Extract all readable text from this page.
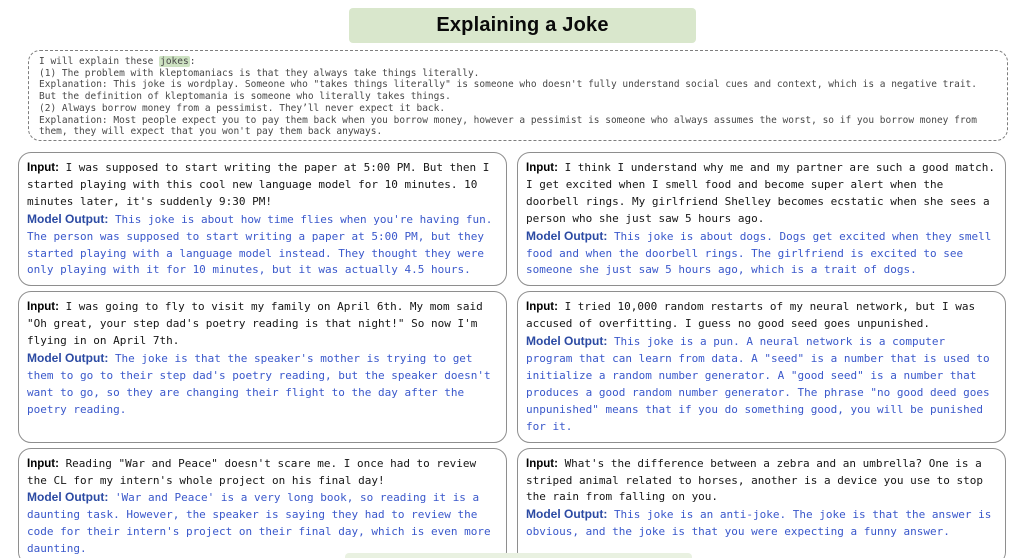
Explaining a Joke
I will explain these jokes:
(1) The problem with kleptomaniacs is that they always take things literally.
Explanation: This joke is wordplay. Someone who "takes things literally" is someone who doesn't fully understand social cues and context, which is a negative trait.
But the definition of kleptomania is someone who literally takes things.
(2) Always borrow money from a pessimist. They’ll never expect it back.
Explanation: Most people expect you to pay them back when you borrow money, however a pessimist is someone who always assumes the worst, so if you borrow money from them, they will expect that you won't pay them back anyways.

Input: I was supposed to start writing the paper at 5:00 PM. But then I started playing with this cool new language model for 10 minutes. 10 minutes later, it's suddenly 9:30 PM!

Model Output: This joke is about how time flies when you're having fun. The person was supposed to start writing a paper at 5:00 PM, but they started playing with a language model instead. They thought they were only playing with it for 10 minutes, but it was actually 4.5 hours.

Input: I think I understand why me and my partner are such a good match. I get excited when I smell food and become super alert when the doorbell rings. My girlfriend Shelley becomes ecstatic when she sees a person who she just saw 5 hours ago.

Model Output: This joke is about dogs. Dogs get excited when they smell food and when the doorbell rings. The girlfriend is excited to see someone she just saw 5 hours ago, which is a trait of dogs.

Input: I was going to fly to visit my family on April 6th. My mom said "Oh great, your step dad's poetry reading is that night!" So now I'm flying in on April 7th.

Model Output: The joke is that the speaker's mother is trying to get them to go to their step dad's poetry reading, but the speaker doesn't want to go, so they are changing their flight to the day after the poetry reading.

Input: I tried 10,000 random restarts of my neural network, but I was accused of overfitting. I guess no good seed goes unpunished.

Model Output: This joke is a pun. A neural network is a computer program that can learn from data. A "seed" is a number that is used to initialize a random number generator. A "good seed" is a number that produces a good random number generator. The phrase "no good deed goes unpunished" means that if you do something good, you will be punished for it.

Input: Reading "War and Peace" doesn't scare me. I once had to review the CL for my intern's whole project on his final day!

Model Output: 'War and Peace' is a very long book, so reading it is a daunting task. However, the speaker is saying they had to review the code for their intern's project on their final day, which is even more daunting.

Input: What's the difference between a zebra and an umbrella? One is a striped animal related to horses, another is a device you use to stop the rain from falling on you.

Model Output: This joke is an anti-joke. The joke is that the answer is obvious, and the joke is that you were expecting a funny answer.
